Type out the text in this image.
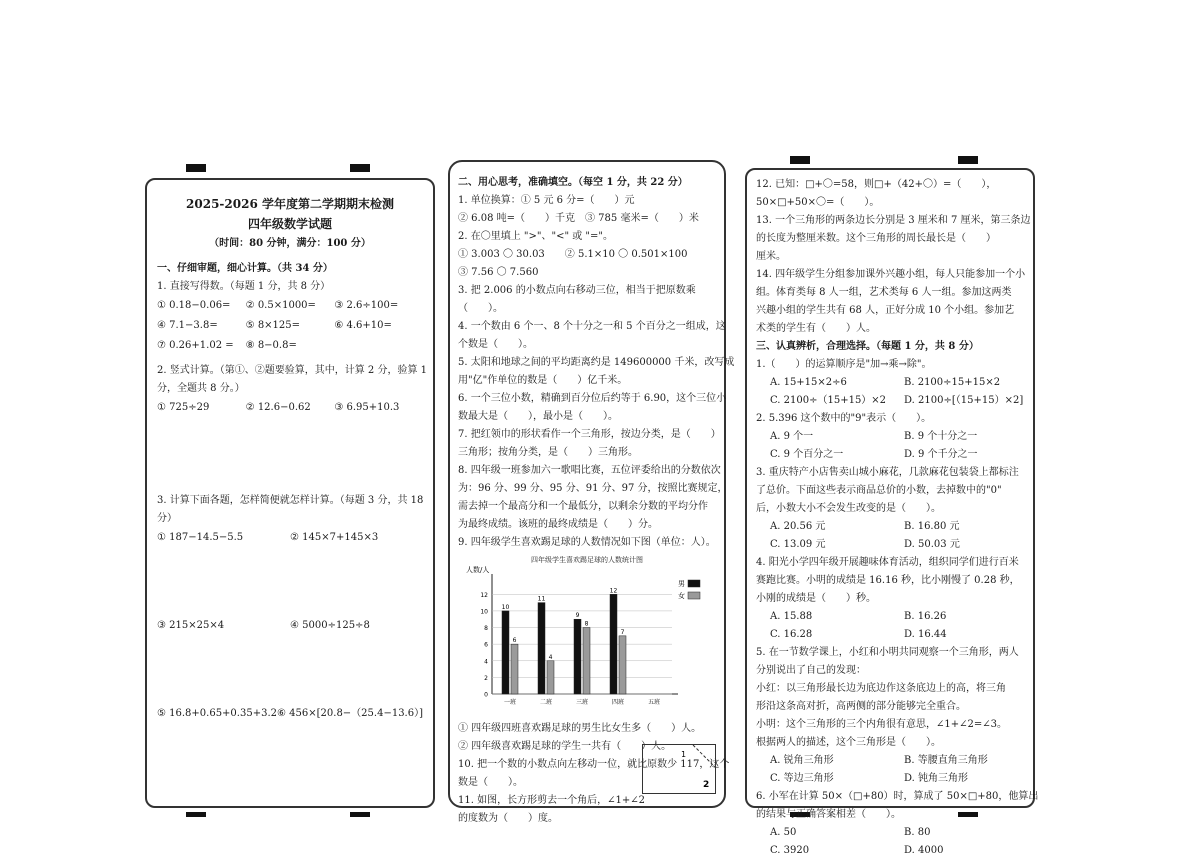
2025-2026 学年度第二学期期末检测
四年级数学试题
（时间：80 分钟，满分：100 分）
一、仔细审题，细心计算。（共 34 分）
1. 直接写得数。（每题 1 分，共 8 分）
① 0.18−0.06=	② 0.5×1000=	③ 2.6÷100=
④ 7.1−3.8=	⑤ 8×125=	⑥ 4.6+10=
⑦ 0.26+1.02 =	⑧ 8−0.8=
2. 竖式计算。（第①、②题要验算，其中，计算 2 分，验算 1
分，全题共 8 分。）
① 725÷29	② 12.6−0.62	③ 6.95+10.3
3. 计算下面各题，怎样简便就怎样计算。（每题 3 分，共 18
分）
① 187−14.5−5.5	② 145×7+145×3
③ 215×25×4	④ 5000÷125÷8
⑤ 16.8+0.65+0.35+3.2 ⑥ 456×[20.8−（25.4−13.6）]
二、用心思考，准确填空。（每空 1 分，共 22 分）
1. 单位换算：① 5 元 6 分=（　　）元
② 6.08 吨=（　　）千克　③ 785 毫米=（　　）米
2. 在〇里填上 ">"、"<" 或 "="。
① 3.003 〇 30.03　　② 5.1×10 〇 0.501×100
③ 7.56 〇 7.560
3. 把 2.006 的小数点向右移动三位，相当于把原数乘
（　　）。
4. 一个数由 6 个一、8 个十分之一和 5 个百分之一组成，这
个数是（　　）。
5. 太阳和地球之间的平均距离约是 149600000 千米，改写成
用"亿"作单位的数是（　　）亿千米。
6. 一个三位小数，精确到百分位后约等于 6.90，这个三位小
数最大是（　　），最小是（　　）。
7. 把红领巾的形状看作一个三角形，按边分类，是（　　）
三角形；按角分类，是（　　）三角形。
8. 四年级一班参加六一歌唱比赛，五位评委给出的分数依次
为：96 分、99 分、95 分、91 分、97 分，按照比赛规定，
需去掉一个最高分和一个最低分，以剩余分数的平均分作
为最终成绩。该班的最终成绩是（　　）分。
9. 四年级学生喜欢踢足球的人数情况如下图（单位：人）。
四年级学生喜欢踢足球的人数统计图
人数/人
0
2
4
6
8
10
12
10
6
一班
11
4
二班
9
8
三班
12
7
四班	五班
男
女
① 四年级四班喜欢踢足球的男生比女生多（　　）人。
② 四年级喜欢踢足球的学生一共有（　　）人。
10. 把一个数的小数点向左移动一位，就比原数少 117，这个
数是（　　）。
11. 如图，长方形剪去一个角后，∠1+∠2
的度数为（　　）度。
1
2
12. 已知：□+〇=58，则□+（42+〇）=（　　），
50×□+50×〇=（　　）。
13. 一个三角形的两条边长分别是 3 厘米和 7 厘米，第三条边
的长度为整厘米数。这个三角形的周长最长是（　　）
厘米。
14. 四年级学生分组参加课外兴趣小组，每人只能参加一个小
组。体育类每 8 人一组，艺术类每 6 人一组。参加这两类
兴趣小组的学生共有 68 人，正好分成 10 个小组。参加艺
术类的学生有（　　）人。
三、认真辨析，合理选择。（每题 1 分，共 8 分）
1.（　　）的运算顺序是"加→乘→除"。
A. 15+15×2÷6	B. 2100÷15+15×2
C. 2100÷（15+15）×2	D. 2100÷[（15+15）×2]
2. 5.396 这个数中的"9"表示（　　）。
A. 9 个一	B. 9 个十分之一
C. 9 个百分之一	D. 9 个千分之一
3. 重庆特产小店售卖山城小麻花，几款麻花包装袋上都标注
了总价。下面这些表示商品总价的小数，去掉数中的"0"
后，小数大小不会发生改变的是（　　）。
A. 20.56 元	B. 16.80 元
C. 13.09 元	D. 50.03 元
4. 阳光小学四年级开展趣味体育活动，组织同学们进行百米
赛跑比赛。小明的成绩是 16.16 秒，比小刚慢了 0.28 秒，
小刚的成绩是（　　）秒。
A. 15.88	B. 16.26
C. 16.28	D. 16.44
5. 在一节数学课上，小红和小明共同观察一个三角形，两人
分别说出了自己的发现：
小红：以三角形最长边为底边作这条底边上的高，将三角
形沿这条高对折，高两侧的部分能够完全重合。
小明：这个三角形的三个内角很有意思，∠1+∠2=∠3。
根据两人的描述，这个三角形是（　　）。
A. 锐角三角形	B. 等腰直角三角形
C. 等边三角形	D. 钝角三角形
6. 小军在计算 50×（□+80）时，算成了 50×□+80，他算出
的结果与正确答案相差（　　）。
A. 50	B. 80
C. 3920	D. 4000
